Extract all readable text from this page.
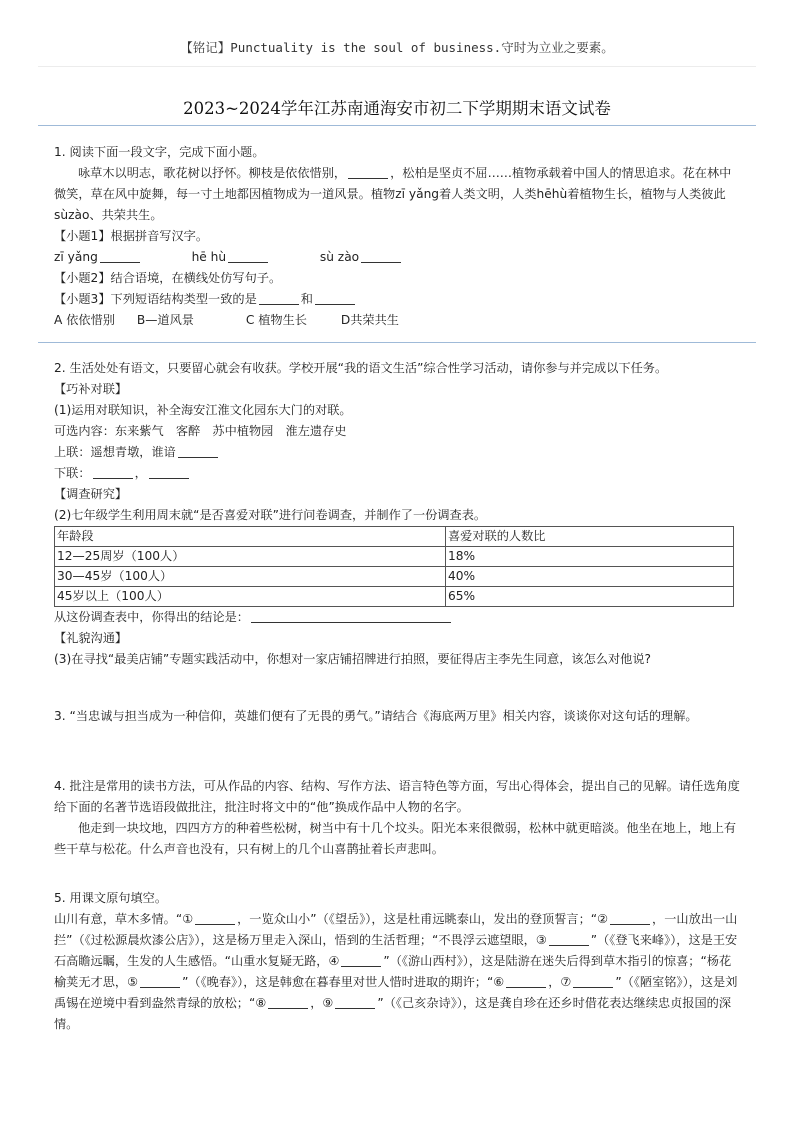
【铭记】Punctuality is the soul of business.守时为立业之要素。
2023~2024学年江苏南通海安市初二下学期期末语文试卷

1. 阅读下面一段文字，完成下面小题。

咏草木以明志，歌花树以抒怀。柳枝是依依惜别，	，松柏是坚贞不屈……植物承载着中国人的情思追求。花在林中微笑，草在风中旋舞，每一寸土地都因植物成为一道风景。植物zī yǎng着人类文明，人类hēhù着植物生长，植物与人类彼此sùzào、共荣共生。

【小题1】根据拼音写汉字。

zī yǎng	hē hù	sù zào

【小题2】结合语境，在横线处仿写句子。

【小题3】下列短语结构类型一致的是	和

A 依依惜别 B—道风景	C 植物生长	D共荣共生

2. 生活处处有语文，只要留心就会有收获。学校开展“我的语文生活”综合性学习活动，请你参与并完成以下任务。

【巧补对联】

(1)运用对联知识，补全海安江淮文化园东大门的对联。

可选内容：东来紫气　客醉　苏中植物园　淮左遗存史

上联：遥想青墩，谁谙

下联：	，

【调查研究】

(2)七年级学生利用周末就“是否喜爱对联”进行问卷调查，并制作了一份调查表。

年龄段	喜爱对联的人数比
12—25周岁（100人）	18%
30—45岁（100人）	40%
45岁以上（100人）	65%

从这份调查表中，你得出的结论是：

【礼貌沟通】

(3)在寻找“最美店铺”专题实践活动中，你想对一家店铺招牌进行拍照，要征得店主李先生同意，该怎么对他说?

3. “当忠诚与担当成为一种信仰，英雄们便有了无畏的勇气。”请结合《海底两万里》相关内容，谈谈你对这句话的理解。

4. 批注是常用的读书方法，可从作品的内容、结构、写作方法、语言特色等方面，写出心得体会，提出自己的见解。请任选角度给下面的名著节选语段做批注，批注时将文中的“他”换成作品中人物的名字。

他走到一块坟地，四四方方的种着些松树，树当中有十几个坟头。阳光本来很微弱，松林中就更暗淡。他坐在地上，地上有些干草与松花。什么声音也没有，只有树上的几个山喜鹊扯着长声悲叫。

5. 用课文原句填空。

山川有意，草木多情。“①	，一览众山小”（《望岳》），这是杜甫远眺泰山，发出的登顶誓言；“②	，一山放出一山拦”（《过松源晨炊漆公店》），这是杨万里走入深山，悟到的生活哲理；“不畏浮云遮望眼，③	”（《登飞来峰》），这是王安石高瞻远瞩，生发的人生感悟。“山重水复疑无路，④	”（《游山西村》），这是陆游在迷失后得到草木指引的惊喜；“杨花榆荚无才思，⑤	”（《晚春》），这是韩愈在暮春里对世人惜时进取的期许；“⑥	，⑦	”（《陋室铭》），这是刘禹锡在逆境中看到盎然青绿的放松；“⑧	，⑨	”（《己亥杂诗》），这是龚自珍在还乡时借花表达继续忠贞报国的深情。
